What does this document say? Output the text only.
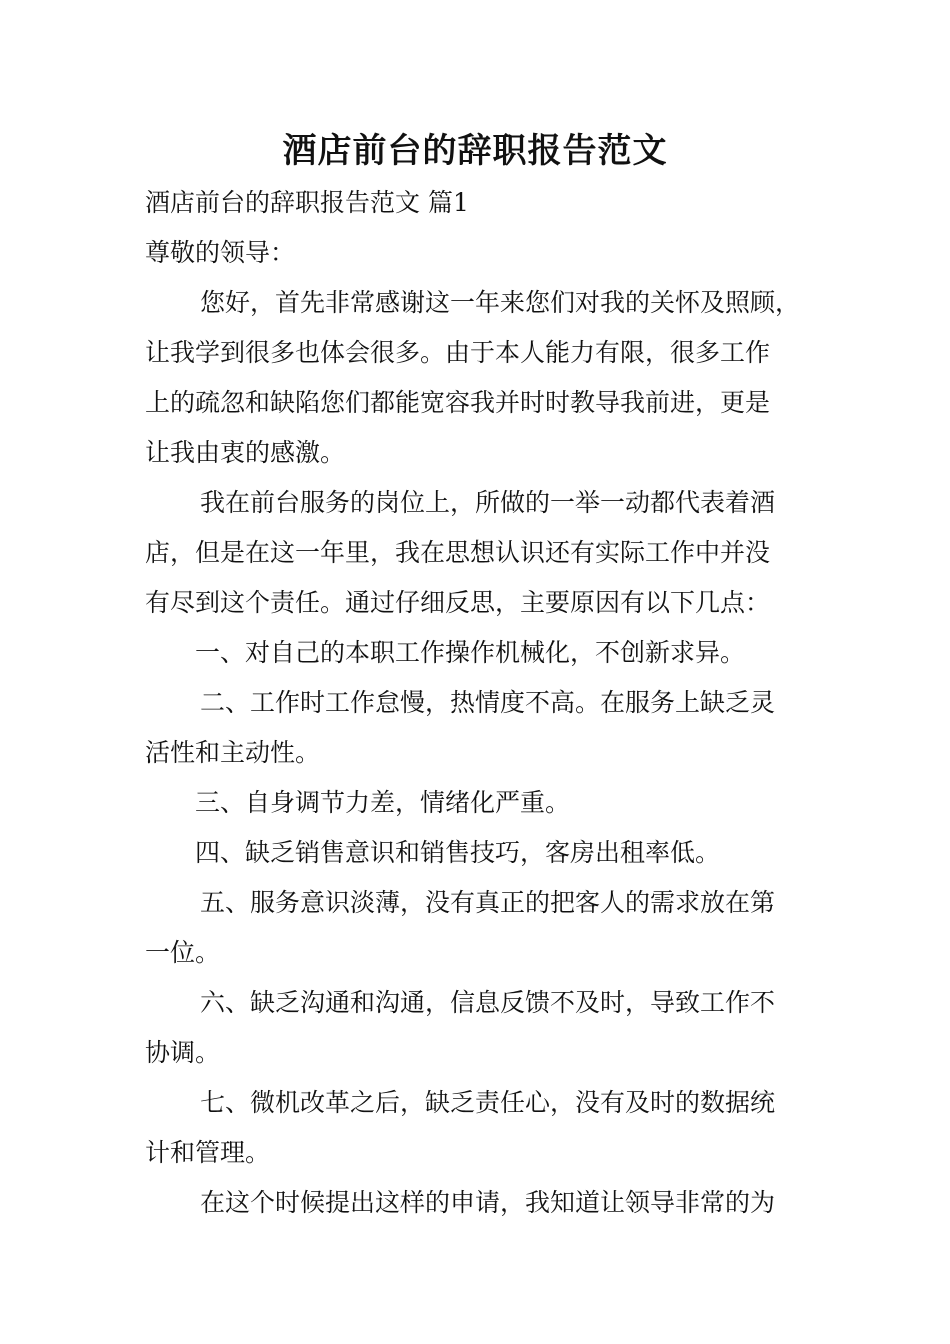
酒店前台的辞职报告范文
酒店前台的辞职报告范文 篇1
尊敬的领导：
您好，首先非常感谢这一年来您们对我的关怀及照顾，
让我学到很多也体会很多。由于本人能力有限，很多工作
上的疏忽和缺陷您们都能宽容我并时时教导我前进，更是
让我由衷的感激。
我在前台服务的岗位上，所做的一举一动都代表着酒
店，但是在这一年里，我在思想认识还有实际工作中并没
有尽到这个责任。通过仔细反思，主要原因有以下几点：
一、对自己的本职工作操作机械化，不创新求异。
二、工作时工作怠慢，热情度不高。在服务上缺乏灵
活性和主动性。
三、自身调节力差，情绪化严重。
四、缺乏销售意识和销售技巧，客房出租率低。
五、服务意识淡薄，没有真正的把客人的需求放在第
一位。
六、缺乏沟通和沟通，信息反馈不及时，导致工作不
协调。
七、微机改革之后，缺乏责任心，没有及时的数据统
计和管理。
在这个时候提出这样的申请，我知道让领导非常的为
